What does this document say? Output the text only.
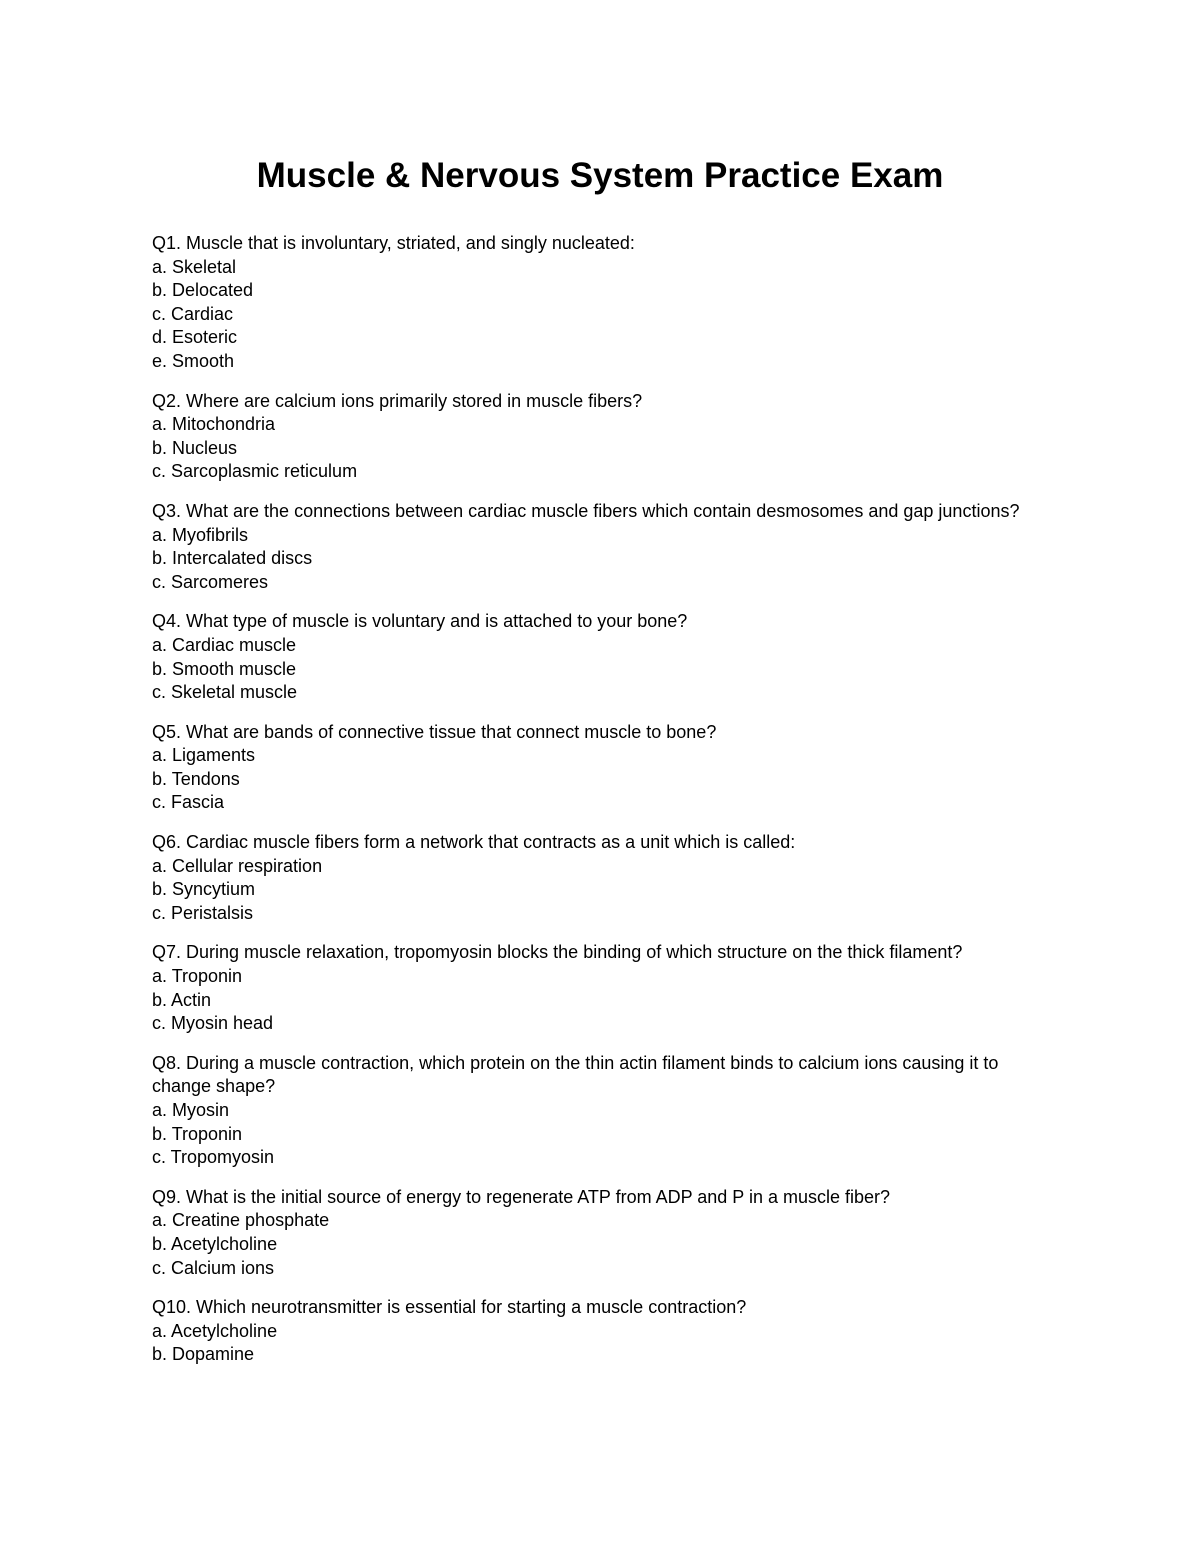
Muscle & Nervous System Practice Exam
Q1. Muscle that is involuntary, striated, and singly nucleated:
a. Skeletal
b. Delocated
c. Cardiac
d. Esoteric
e. Smooth
Q2. Where are calcium ions primarily stored in muscle fibers?
a. Mitochondria
b. Nucleus
c. Sarcoplasmic reticulum
Q3. What are the connections between cardiac muscle fibers which contain desmosomes and gap junctions?
a. Myofibrils
b. Intercalated discs
c. Sarcomeres
Q4. What type of muscle is voluntary and is attached to your bone?
a. Cardiac muscle
b. Smooth muscle
c. Skeletal muscle
Q5. What are bands of connective tissue that connect muscle to bone?
a. Ligaments
b. Tendons
c. Fascia
Q6. Cardiac muscle fibers form a network that contracts as a unit which is called:
a. Cellular respiration
b. Syncytium
c. Peristalsis
Q7. During muscle relaxation, tropomyosin blocks the binding of which structure on the thick filament?
a. Troponin
b. Actin
c. Myosin head
Q8. During a muscle contraction, which protein on the thin actin filament binds to calcium ions causing it to change shape?
a. Myosin
b. Troponin
c. Tropomyosin
Q9. What is the initial source of energy to regenerate ATP from ADP and P in a muscle fiber?
a. Creatine phosphate
b. Acetylcholine
c. Calcium ions
Q10. Which neurotransmitter is essential for starting a muscle contraction?
a. Acetylcholine
b. Dopamine
